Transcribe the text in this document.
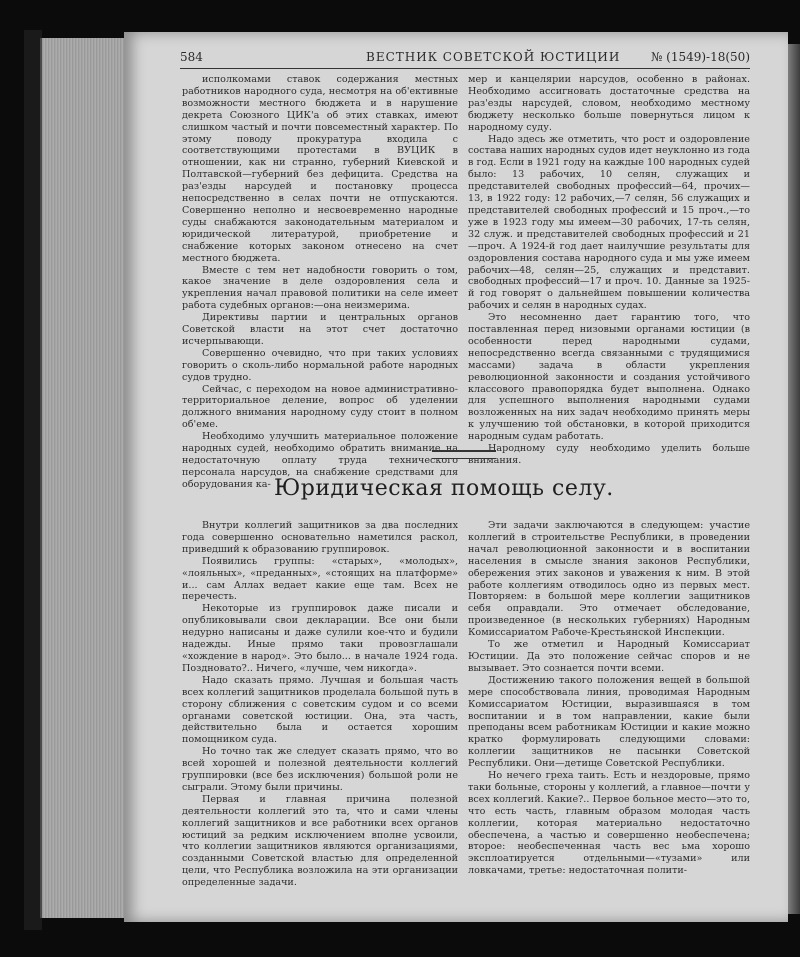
584	ВЕСТНИК СОВЕТСКОЙ ЮСТИЦИИ	№ (1549)-18(50)

исполкомами ставок содержания местных работников народного суда, несмотря на об'ективные возможности местного бюджета и в нарушение декрета Союзного ЦИК'а об этих ставках, имеют слишком частый и почти повсеместный характер. По этому поводу прокуратура входила с соответствующими протестами в ВУЦИК в отношении, как ни странно, губерний Киевской и Полтавской—губерний без дефицита. Средства на раз'езды нарсудей и постановку процесса непосредственно в селах почти не отпускаются. Совершенно неполно и несвоевременно народные суды снабжаются законодательным материалом и юридической литературой, приобретение и снабжение которых законом отнесено на счет местного бюджета.

Вместе с тем нет надобности говорить о том, какое значение в деле оздоровления села и укрепления начал правовой политики на селе имеет работа судебных органов:—она неизмерима.

Директивы партии и центральных органов Советской власти на этот счет достаточно исчерпывающи.

Совершенно очевидно, что при таких условиях говорить о сколь-либо нормальной работе народных судов трудно.

Сейчас, с переходом на новое административно-территориальное деление, вопрос об уделении должного внимания народному суду стоит в полном об'еме.

Необходимо улучшить материальное положение народных судей, необходимо обратить внимание на недостаточную оплату труда технического персонала нарсудов, на снабжение средствами для оборудования ка-

мер и канцелярии нарсудов, особенно в районах. Необходимо ассигновать достаточные средства на раз'езды нарсудей, словом, необходимо местному бюджету несколько больше повернуться лицом к народному суду.

Надо здесь же отметить, что рост и оздоровление состава наших народных судов идет неуклонно из года в год. Если в 1921 году на каждые 100 народных судей было: 13 рабочих, 10 селян, служащих и представителей свободных профессий—64, прочих—13, в 1922 году: 12 рабочих,—7 селян, 56 служащих и представителей свободных профессий и 15 проч.,—то уже в 1923 году мы имеем—30 рабочих, 17-ть селян, 32 служ. и представителей свободных профессий и 21—проч. А 1924-й год дает наилучшие результаты для оздоровления состава народного суда и мы уже имеем рабочих—48, селян—25, служащих и представит. свободных профессий—17 и проч. 10. Данные за 1925-й год говорят о дальнейшем повышении количества рабочих и селян в народных судах.

Это несомненно дает гарантию того, что поставленная перед низовыми органами юстиции (в особенности перед народными судами, непосредственно всегда связанными с трудящимися массами) задача в области укрепления революционной законности и создания устойчивого классового правопорядка будет выполнена. Однако для успешного выполнения народными судами возложенных на них задач необходимо принять меры к улучшению той обстановки, в которой приходится народным судам работать.

Народному суду необходимо уделить больше внимания.

Юридическая помощь селу.

Внутри коллегий защитников за два последних года совершенно основательно наметился раскол, приведший к образованию группировок.

Появились группы: «старых», «молодых», «лояльных», «преданных», «стоящих на платформе» и... сам Аллах ведает какие еще там. Всех не перечесть.

Некоторые из группировок даже писали и опубликовывали свои декларации. Все они были недурно написаны и даже сулили кое-что и будили надежды. Иные прямо таки провозглашали «хождение в народ». Это было... в начале 1924 года. Поздновато?.. Ничего, «лучше, чем никогда».

Надо сказать прямо. Лучшая и большая часть всех коллегий защитников проделала большой путь в сторону сближения с советским судом и со всеми органами советской юстиции. Она, эта часть, действительно была и остается хорошим помощником суда.

Но точно так же следует сказать прямо, что во всей хорошей и полезной деятельности коллегий группировки (все без исключения) большой роли не сыграли. Этому были причины.

Первая и главная причина полезной деятельности коллегий это та, что и сами члены коллегий защитников и все работники всех органов юстиций за редким исключением вполне усвоили, что коллегии защитников являются организациями, созданными Советской властью для определенной цели, что Республика возложила на эти организации определенные задачи.

Эти задачи заключаются в следующем: участие коллегий в строительстве Республики, в проведении начал революционной законности и в воспитании населения в смысле знания законов Республики, обережения этих законов и уважения к ним. В этой работе коллегиям отводилось одно из первых мест. Повторяем: в большой мере коллегии защитников себя оправдали. Это отмечает обследование, произведенное (в нескольких губерниях) Народным Комиссариатом Рабоче-Крестьянской Инспекции.

То же отметил и Народный Комиссариат Юстиции. Да это положение сейчас споров и не вызывает. Это сознается почти всеми.

Достижению такого положения вещей в большой мере способствовала линия, проводимая Народным Комиссариатом Юстиции, выразившаяся в том воспитании и в том направлении, какие были преподаны всем работникам Юстиции и какие можно кратко формулировать следующими словами: коллегии защитников не пасынки Советской Республики. Они—детище Советской Республики.

Но нечего греха таить. Есть и нездоровые, прямо таки больные, стороны у коллегий, а главное—почти у всех коллегий. Какие?.. Первое больное место—это то, что есть часть, главным образом молодая часть коллегии, которая материально недостаточно обеспечена, а частью и совершенно необеспечена; второе: необеспеченная часть вес ьма хорошо эксплоатируется отдельными—«тузами» или ловкачами, третье: недостаточная полити-
